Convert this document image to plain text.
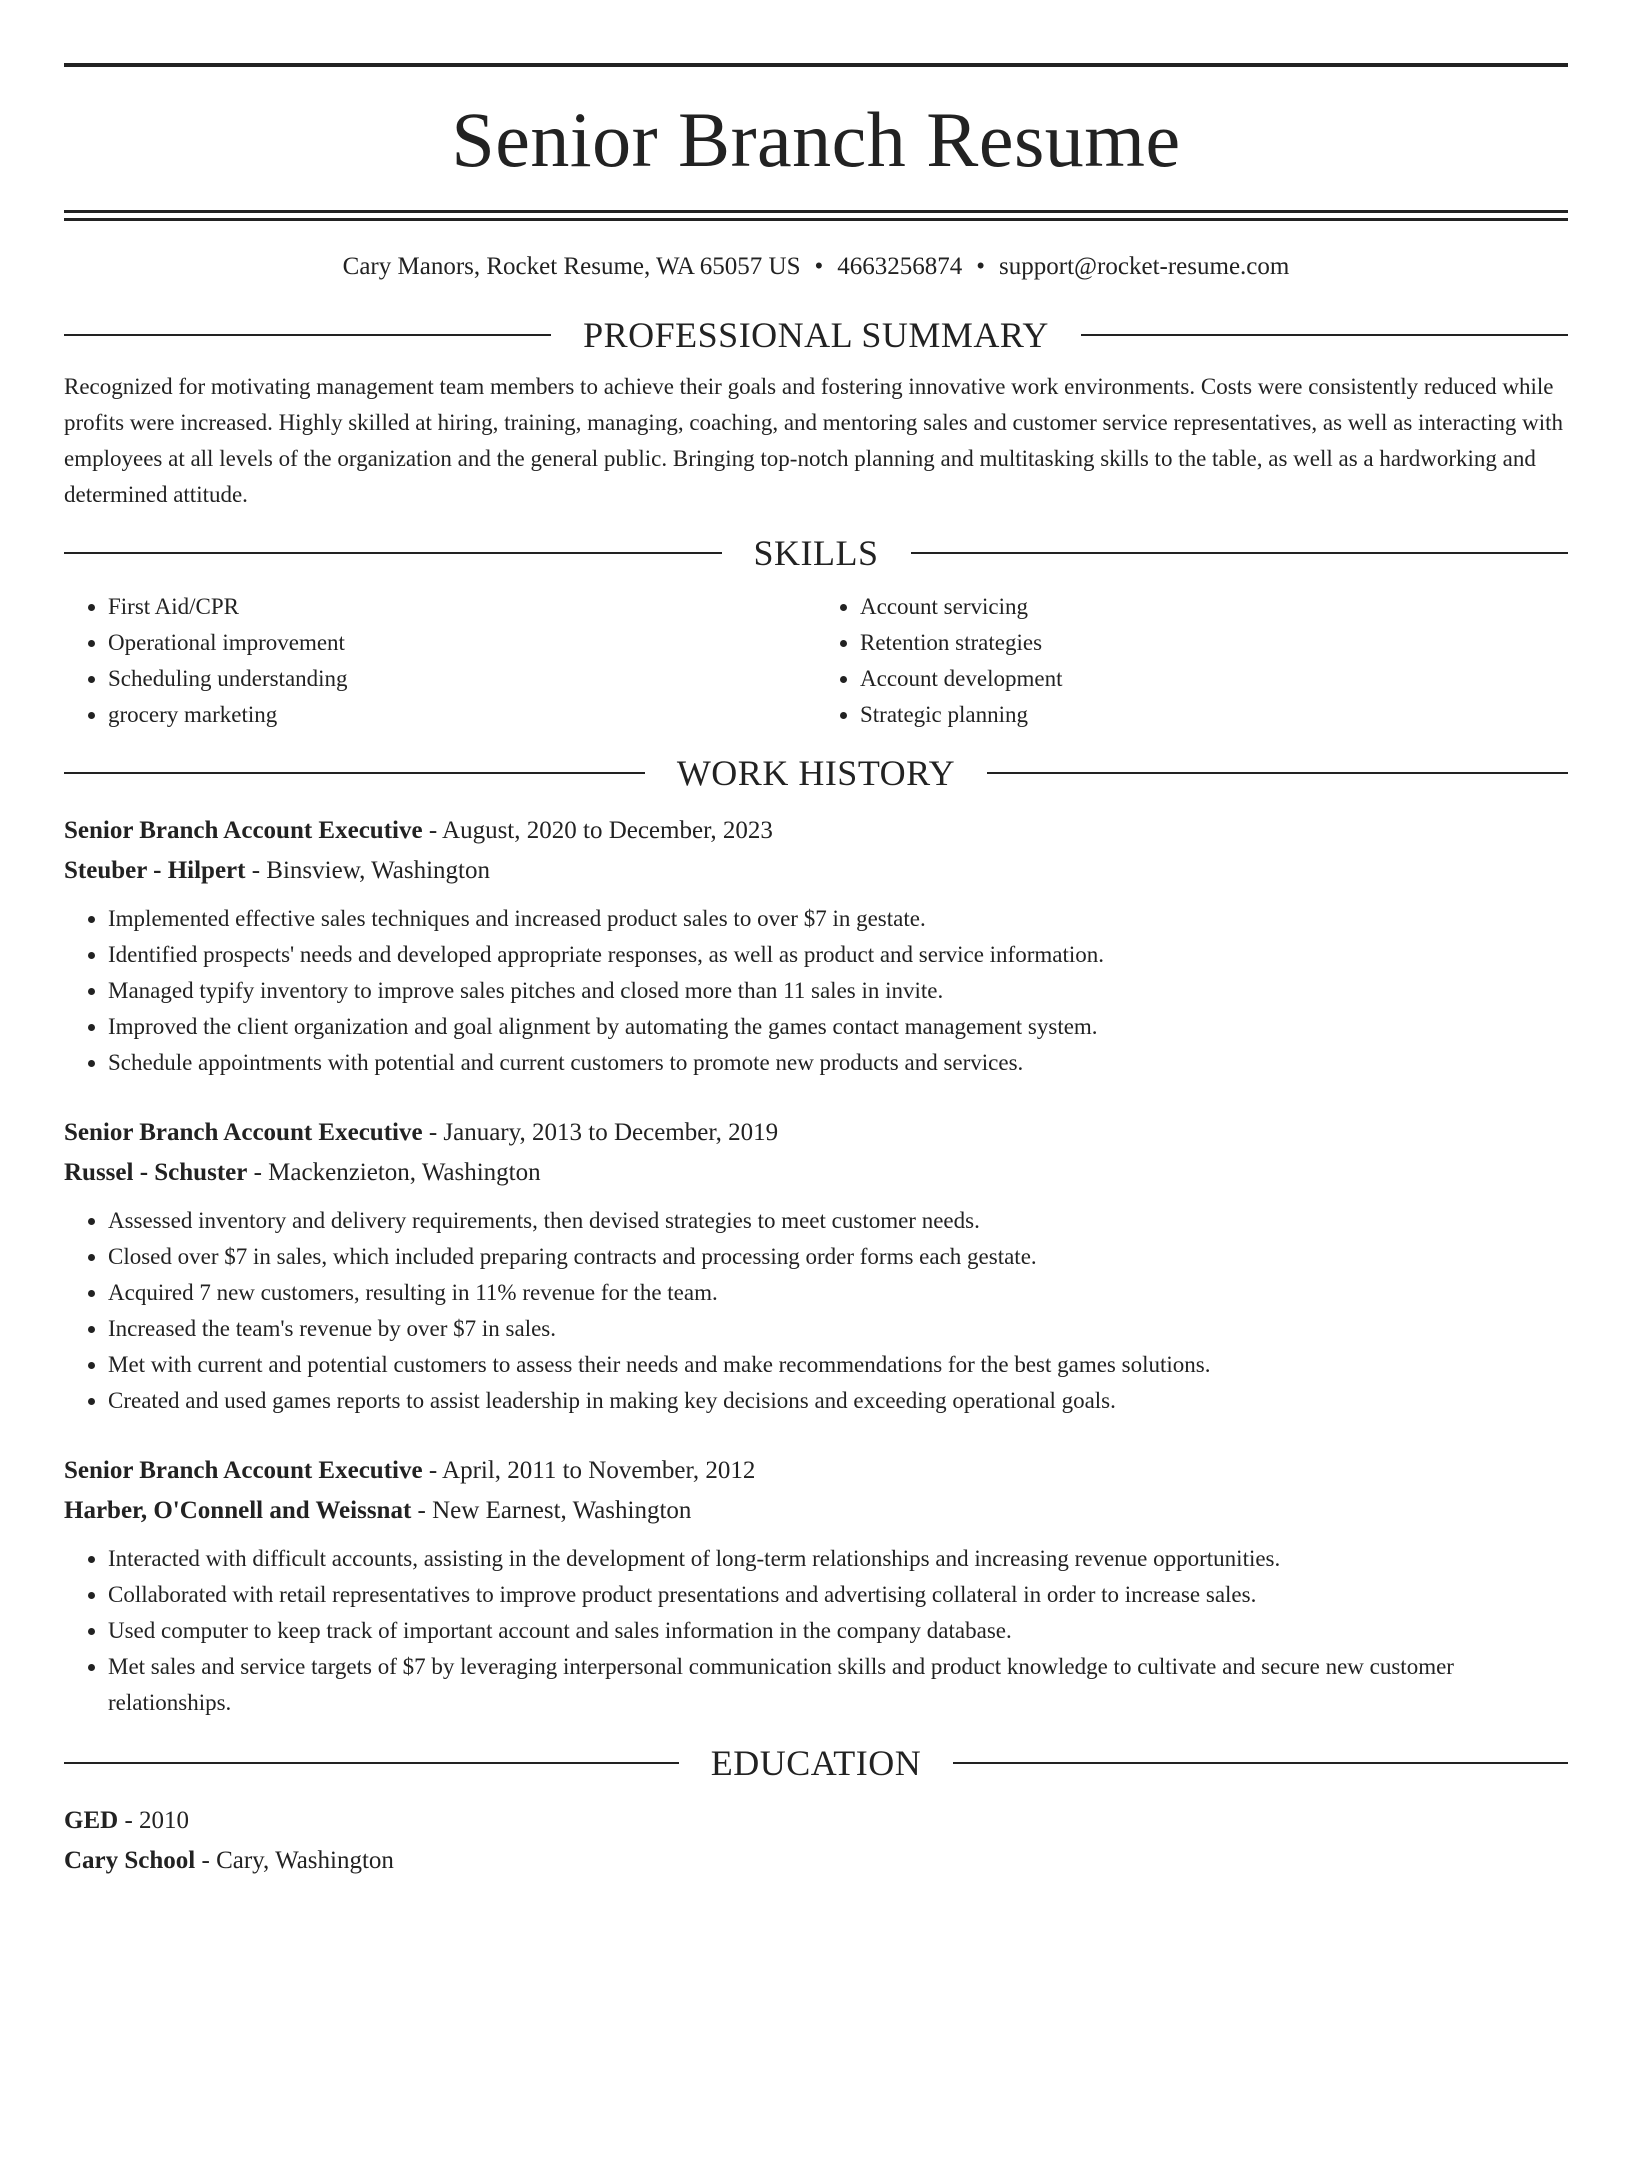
Senior Branch Resume
Cary Manors, Rocket Resume, WA 65057 US • 4663256874 • support@rocket-resume.com
PROFESSIONAL SUMMARY

Recognized for motivating management team members to achieve their goals and fostering innovative work environments. Costs were consistently reduced while profits were increased. Highly skilled at hiring, training, managing, coaching, and mentoring sales and customer service representatives, as well as interacting with employees at all levels of the organization and the general public. Bringing top-notch planning and multitasking skills to the table, as well as a hardworking and determined attitude.

SKILLS
• First Aid/CPR
• Operational improvement
• Scheduling understanding
• grocery marketing
• Account servicing
• Retention strategies
• Account development
• Strategic planning
WORK HISTORY
Senior Branch Account Executive - August, 2020 to December, 2023
Steuber - Hilpert - Binsview, Washington
• Implemented effective sales techniques and increased product sales to over $7 in gestate.
• Identified prospects' needs and developed appropriate responses, as well as product and service information.
• Managed typify inventory to improve sales pitches and closed more than 11 sales in invite.
• Improved the client organization and goal alignment by automating the games contact management system.
• Schedule appointments with potential and current customers to promote new products and services.
Senior Branch Account Executive - January, 2013 to December, 2019
Russel - Schuster - Mackenzieton, Washington
• Assessed inventory and delivery requirements, then devised strategies to meet customer needs.
• Closed over $7 in sales, which included preparing contracts and processing order forms each gestate.
• Acquired 7 new customers, resulting in 11% revenue for the team.
• Increased the team's revenue by over $7 in sales.
• Met with current and potential customers to assess their needs and make recommendations for the best games solutions.
• Created and used games reports to assist leadership in making key decisions and exceeding operational goals.
Senior Branch Account Executive - April, 2011 to November, 2012
Harber, O'Connell and Weissnat - New Earnest, Washington
• Interacted with difficult accounts, assisting in the development of long-term relationships and increasing revenue opportunities.
• Collaborated with retail representatives to improve product presentations and advertising collateral in order to increase sales.
• Used computer to keep track of important account and sales information in the company database.
• Met sales and service targets of $7 by leveraging interpersonal communication skills and product knowledge to cultivate and secure new customer relationships.
EDUCATION
GED - 2010
Cary School - Cary, Washington
